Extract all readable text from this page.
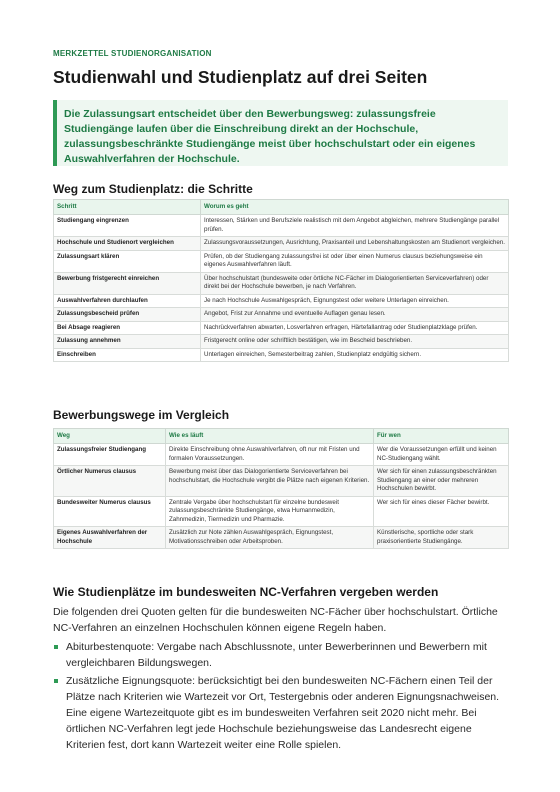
MERKZETTEL STUDIENORGANISATION
Studienwahl und Studienplatz auf drei Seiten
Die Zulassungsart entscheidet über den Bewerbungsweg: zulassungsfreie Studiengänge laufen über die Einschreibung direkt an der Hochschule, zulassungsbeschränkte Studiengänge meist über hochschulstart oder ein eigenes Auswahlverfahren der Hochschule.
Weg zum Studienplatz: die Schritte
Schritt	Worum es geht
Studiengang eingrenzen	Interessen, Stärken und Berufsziele realistisch mit dem Angebot abgleichen, mehrere Studiengänge parallel prüfen.
Hochschule und Studienort vergleichen	Zulassungsvoraussetzungen, Ausrichtung, Praxisanteil und Lebenshaltungskosten am Studienort vergleichen.
Zulassungsart klären	Prüfen, ob der Studiengang zulassungsfrei ist oder über einen Numerus clausus beziehungsweise ein eigenes Auswahlverfahren läuft.
Bewerbung fristgerecht einreichen	Über hochschulstart (bundesweite oder örtliche NC-Fächer im Dialogorientierten Serviceverfahren) oder direkt bei der Hochschule bewerben, je nach Verfahren.
Auswahlverfahren durchlaufen	Je nach Hochschule Auswahlgespräch, Eignungstest oder weitere Unterlagen einreichen.
Zulassungsbescheid prüfen	Angebot, Frist zur Annahme und eventuelle Auflagen genau lesen.
Bei Absage reagieren	Nachrückverfahren abwarten, Losverfahren erfragen, Härtefallantrag oder Studienplatzklage prüfen.
Zulassung annehmen	Fristgerecht online oder schriftlich bestätigen, wie im Bescheid beschrieben.
Einschreiben	Unterlagen einreichen, Semesterbeitrag zahlen, Studienplatz endgültig sichern.
Bewerbungswege im Vergleich
Weg	Wie es läuft	Für wen
Zulassungsfreier Studiengang	Direkte Einschreibung ohne Auswahlverfahren, oft nur mit Fristen und formalen Voraussetzungen.	Wer die Voraussetzungen erfüllt und keinen NC-Studiengang wählt.
Örtlicher Numerus clausus	Bewerbung meist über das Dialogorientierte Serviceverfahren bei hochschulstart, die Hochschule vergibt die Plätze nach eigenen Kriterien.	Wer sich für einen zulassungsbeschränkten Studiengang an einer oder mehreren Hochschulen bewirbt.
Bundesweiter Numerus clausus	Zentrale Vergabe über hochschulstart für einzelne bundesweit zulassungsbeschränkte Studiengänge, etwa Humanmedizin, Zahnmedizin, Tiermedizin und Pharmazie.	Wer sich für eines dieser Fächer bewirbt.
Eigenes Auswahlverfahren der Hochschule	Zusätzlich zur Note zählen Auswahlgespräch, Eignungstest, Motivationsschreiben oder Arbeitsproben.	Künstlerische, sportliche oder stark praxisorientierte Studiengänge.
Wie Studienplätze im bundesweiten NC-Verfahren vergeben werden

Die folgenden drei Quoten gelten für die bundesweiten NC-Fächer über hochschulstart. Örtliche NC-Verfahren an einzelnen Hochschulen können eigene Regeln haben.

Abiturbestenquote: Vergabe nach Abschlussnote, unter Bewerberinnen und Bewerbern mit vergleichbaren Bildungswegen.
Zusätzliche Eignungsquote: berücksichtigt bei den bundesweiten NC-Fächern einen Teil der Plätze nach Kriterien wie Wartezeit vor Ort, Testergebnis oder anderen Eignungsnachweisen. Eine eigene Wartezeitquote gibt es im bundesweiten Verfahren seit 2020 nicht mehr. Bei örtlichen NC-Verfahren legt jede Hochschule beziehungsweise das Landesrecht eigene Kriterien fest, dort kann Wartezeit weiter eine Rolle spielen.
